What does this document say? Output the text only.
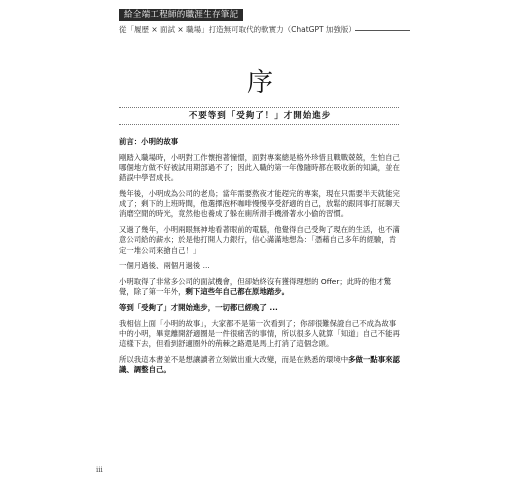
給全端工程師的職涯生存筆記
從「履歷 × 面試 × 職場」打造無可取代的軟實力（ChatGPT 加強版）
序
不要等到「受夠了！」才開始進步

前言：小明的故事

剛踏入職場時，小明對工作懷抱著憧憬，面對專案總是格外珍惜且戰戰兢兢，生怕自己哪個地方做不好被試用期部過不了；因此入職的第一年像隨時都在吸收新的知識，並在錯誤中學習成長。

幾年後，小明成為公司的老鳥；當年需要熬夜才能趕完的專案，現在只需要半天就能完成了；剩下的上班時間，他選擇泡杯咖啡慢慢享受舒適的自己，放鬆的跟同事打屁聊天消磨空閒的時光，竟然他也養成了躲在廁所滑手機滑著水小偷的習慣。

又過了幾年，小明兩眼無神地看著眼前的電腦，他覺得自己受夠了現在的生活，也不滿意公司給的薪水；於是他打開人力銀行，信心滿滿地想為：「憑藉自己多年的經驗，肯定一堆公司來搶自己！」

一個月過後、兩個月過後 ...

小明取得了非常多公司的面試機會，但卻始終沒有獲得理想的 Offer；此時的他才驚覺，除了第一年外，剩下這些年自己都在原地踏步。

等到「受夠了」才開始進步，一切都已經晚了 ...

我相信上面「小明的故事」，大家都不是第一次看到了；你卻很難保證自己不成為故事中的小明，畢竟離開舒適圈是一件很痛苦的事情，所以很多人就算「知道」自己不能再這樣下去，但看到舒適圈外的荊棘之路還是馬上打消了這個念頭。

所以我這本書並不是想讓讀者立刻做出重大改變，而是在熟悉的環境中多做一點事來認識、調整自己。

iii
